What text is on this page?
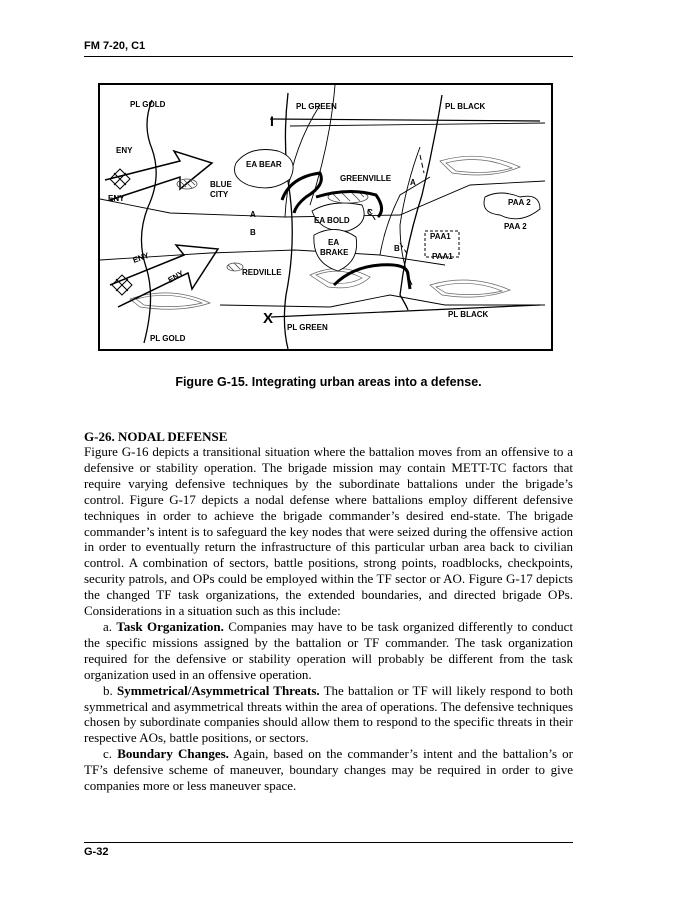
FM 7-20, C1
I
X
PL GOLD	PL GREEN	PL BLACK
ENY
ENY
ENY
ENY
EA BEAR
BLUE
CITY
GREENVILLE A
A
B
C
EA BOLD
EA
BRAKE	B
PAA1
PAA1
PAA 2
PAA 2
REDVILLE
PL BLACK
PL GREEN
PL GOLD
Figure G-15. Integrating urban areas into a defense.
G-26. NODAL DEFENSE

Figure G-16 depicts a transitional situation where the battalion moves from an offensive to a defensive or stability operation. The brigade mission may contain METT-TC factors that require varying defensive techniques by the subordinate battalions under the brigade’s control. Figure G-17 depicts a nodal defense where battalions employ different defensive techniques in order to achieve the brigade commander’s desired end-state. The brigade commander’s intent is to safeguard the key nodes that were seized during the offensive action in order to eventually return the infrastructure of this particular urban area back to civilian control. A combination of sectors, battle positions, strong points, roadblocks, checkpoints, security patrols, and OPs could be employed within the TF sector or AO. Figure G-17 depicts the changed TF task organizations, the extended boundaries, and directed brigade OPs. Considerations in a situation such as this include:

a. Task Organization. Companies may have to be task organized differently to conduct the specific missions assigned by the battalion or TF commander. The task organization required for the defensive or stability operation will probably be different from the task organization used in an offensive operation.

b. Symmetrical/Asymmetrical Threats. The battalion or TF will likely respond to both symmetrical and asymmetrical threats within the area of operations. The defensive techniques chosen by subordinate companies should allow them to respond to the specific threats in their respective AOs, battle positions, or sectors.

c. Boundary Changes. Again, based on the commander’s intent and the battalion’s or TF’s defensive scheme of maneuver, boundary changes may be required in order to give companies more or less maneuver space.

G-32
